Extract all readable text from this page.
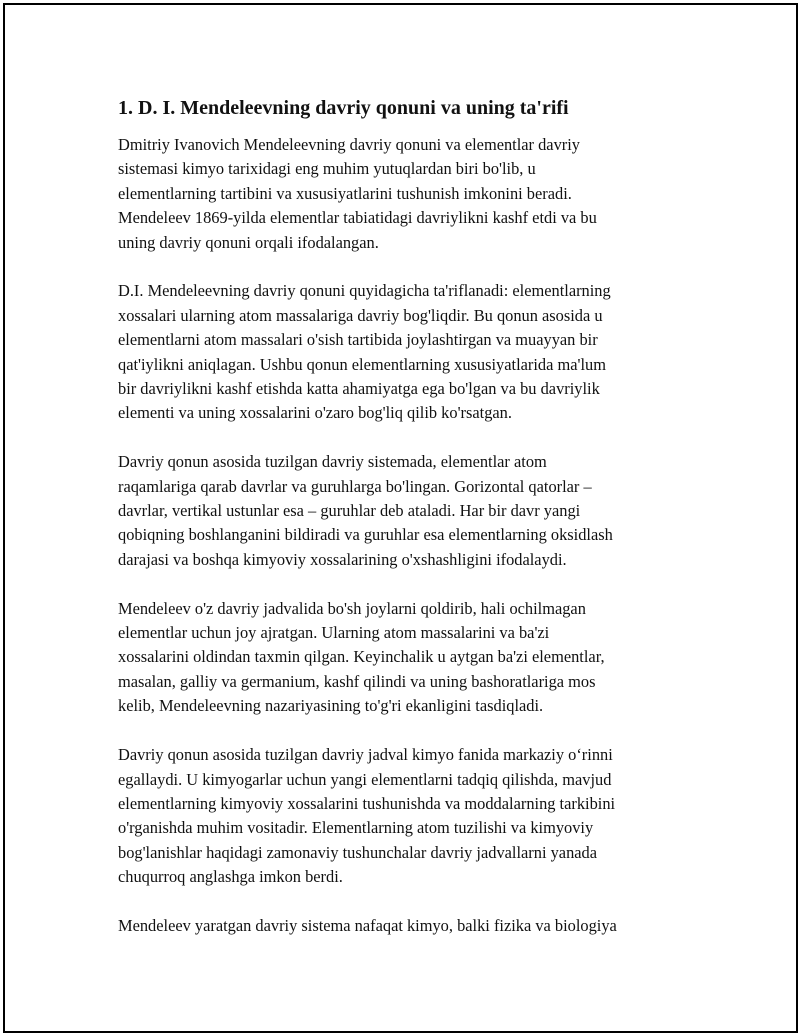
1. D. I. Mendeleevning davriy qonuni va uning ta'rifi
Dmitriy Ivanovich Mendeleevning davriy qonuni va elementlar davriy
sistemasi kimyo tarixidagi eng muhim yutuqlardan biri bo'lib, u
elementlarning tartibini va xususiyatlarini tushunish imkonini beradi.
Mendeleev 1869-yilda elementlar tabiatidagi davriylikni kashf etdi va bu
uning davriy qonuni orqali ifodalangan.
D.I. Mendeleevning davriy qonuni quyidagicha ta'riflanadi: elementlarning
xossalari ularning atom massalariga davriy bog'liqdir. Bu qonun asosida u
elementlarni atom massalari o'sish tartibida joylashtirgan va muayyan bir
qat'iylikni aniqlagan. Ushbu qonun elementlarning xususiyatlarida ma'lum
bir davriylikni kashf etishda katta ahamiyatga ega bo'lgan va bu davriylik
elementi va uning xossalarini o'zaro bog'liq qilib ko'rsatgan.
Davriy qonun asosida tuzilgan davriy sistemada, elementlar atom
raqamlariga qarab davrlar va guruhlarga bo'lingan. Gorizontal qatorlar –
davrlar, vertikal ustunlar esa – guruhlar deb ataladi. Har bir davr yangi
qobiqning boshlanganini bildiradi va guruhlar esa elementlarning oksidlash
darajasi va boshqa kimyoviy xossalarining o'xshashligini ifodalaydi.
Mendeleev o'z davriy jadvalida bo'sh joylarni qoldirib, hali ochilmagan
elementlar uchun joy ajratgan. Ularning atom massalarini va ba'zi
xossalarini oldindan taxmin qilgan. Keyinchalik u aytgan ba'zi elementlar,
masalan, galliy va germanium, kashf qilindi va uning bashoratlariga mos
kelib, Mendeleevning nazariyasining to'g'ri ekanligini tasdiqladi.
Davriy qonun asosida tuzilgan davriy jadval kimyo fanida markaziy o‘rinni
egallaydi. U kimyogarlar uchun yangi elementlarni tadqiq qilishda, mavjud
elementlarning kimyoviy xossalarini tushunishda va moddalarning tarkibini
o'rganishda muhim vositadir. Elementlarning atom tuzilishi va kimyoviy
bog'lanishlar haqidagi zamonaviy tushunchalar davriy jadvallarni yanada
chuqurroq anglashga imkon berdi.
Mendeleev yaratgan davriy sistema nafaqat kimyo, balki fizika va biologiya
